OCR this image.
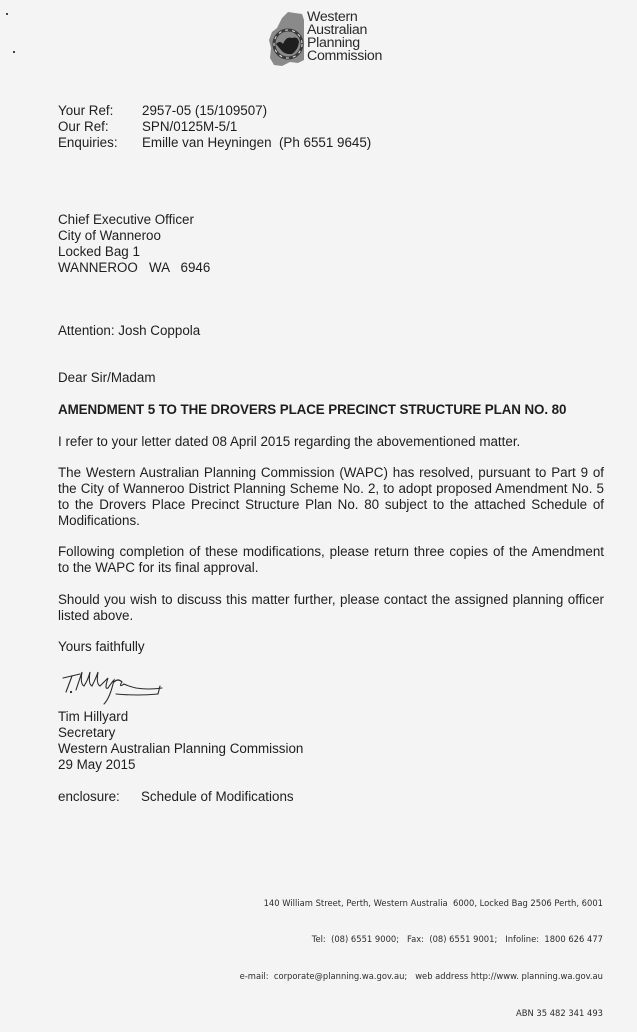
Western
Australian
Planning
Commission
Your Ref:	2957-05 (15/109507)
Our Ref:	SPN/0125M-5/1
Enquiries:	Emille van Heyningen  (Ph 6551 9645)
Chief Executive Officer
City of Wanneroo
Locked Bag 1
WANNEROO   WA   6946
Attention: Josh Coppola
Dear Sir/Madam
AMENDMENT 5 TO THE DROVERS PLACE PRECINCT STRUCTURE PLAN NO. 80
I refer to your letter dated 08 April 2015 regarding the abovementioned matter.
The Western Australian Planning Commission (WAPC) has resolved, pursuant to Part 9 of the City of Wanneroo District Planning Scheme No. 2, to adopt proposed Amendment No. 5 to the Drovers Place Precinct Structure Plan No. 80 subject to the attached Schedule of Modifications.
Following completion of these modifications, please return three copies of the Amendment to the WAPC for its final approval.
Should you wish to discuss this matter further, please contact the assigned planning officer listed above.
Yours faithfully
Tim Hillyard
Secretary
Western Australian Planning Commission
29 May 2015
enclosure:	Schedule of Modifications

140 William Street, Perth, Western Australia  6000, Locked Bag 2506 Perth, 6001

Tel:  (08) 6551 9000;   Fax:  (08) 6551 9001;   Infoline:  1800 626 477

e-mail:  corporate@planning.wa.gov.au;   web address http://www. planning.wa.gov.au

ABN 35 482 341 493
